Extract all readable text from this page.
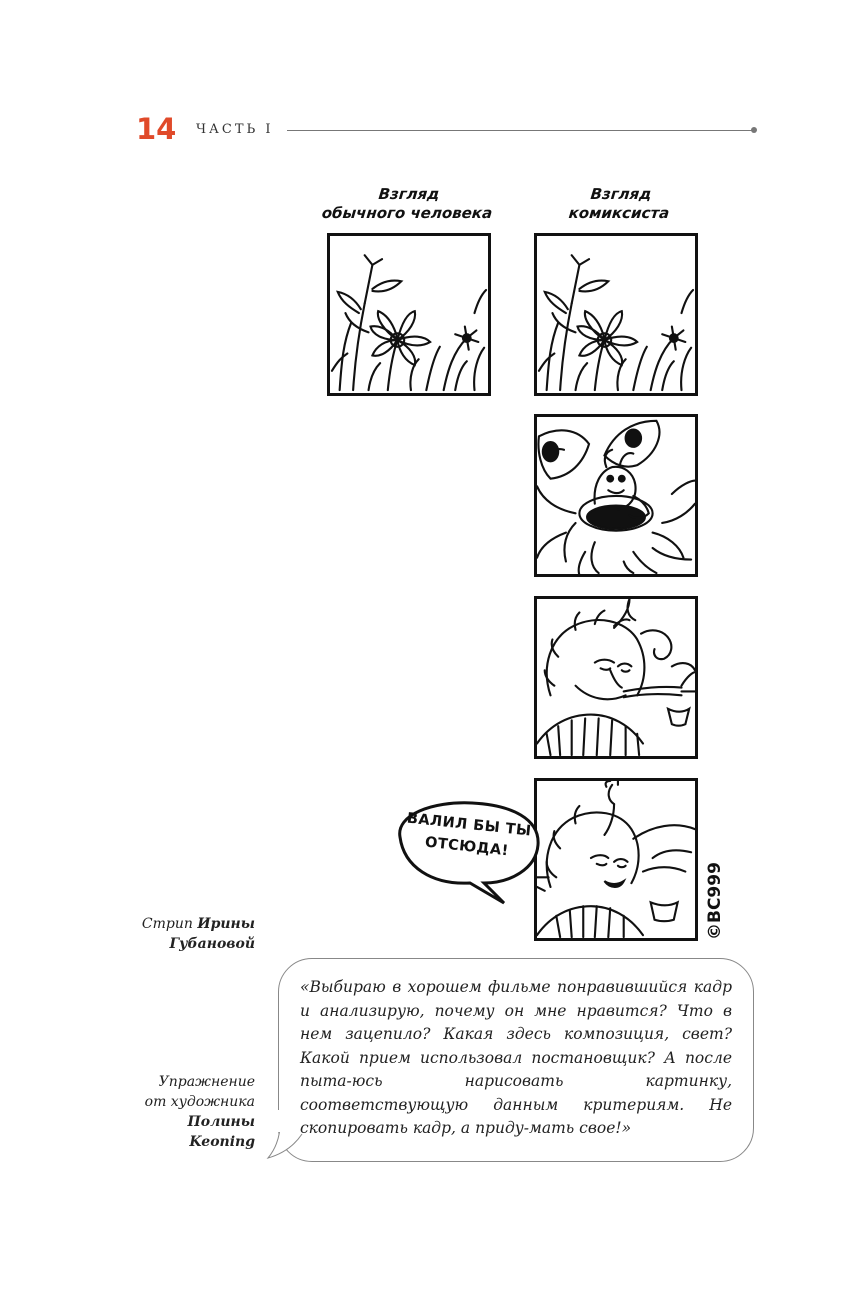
14 ЧАСТЬ I
Взгляд
обычного человека
Взгляд
комиксиста
ВАЛИЛ БЫ ТЫ
ОТСЮДА!
©BC999
Стрип Ирины
Губановой
Упражнение
от художника
Полины
Keoning
«Выбираю в хорошем фильме понравившийся кадр и анализирую, почему он мне нравится? Что в нем зацепило? Какая здесь композиция, свет? Какой прием использовал постановщик? А после пыта-юсь нарисовать картинку, соответствующую данным критериям. Не скопировать кадр, а приду-мать свое!»
